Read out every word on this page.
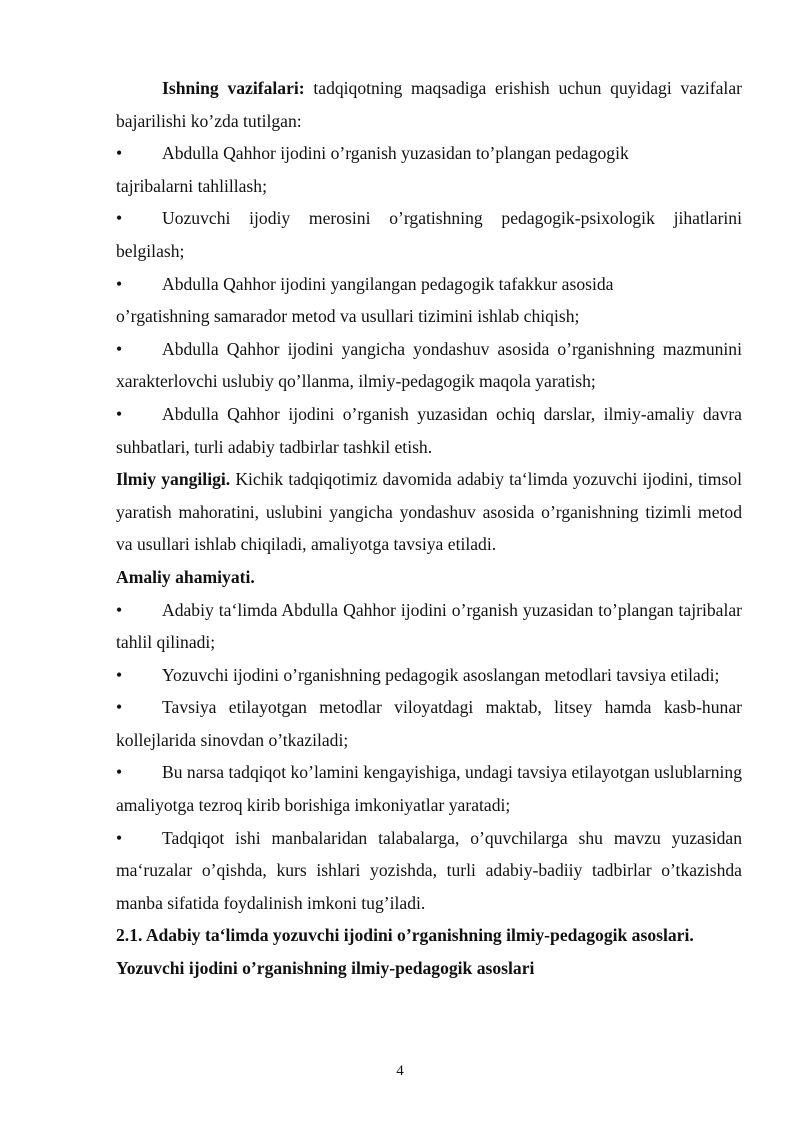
Ishning vazifalari: tadqiqotning maqsadiga erishish uchun quyidagi vazifalar bajarilishi ko’zda tutilgan:

• Abdulla Qahhor ijodini o’rganish yuzasidan to’plangan pedagogik

tajribalarni tahlillash;

• Uozuvchi ijodiy merosini o’rgatishning pedagogik-psixologik jihatlarini belgilash;

• Abdulla Qahhor ijodini yangilangan pedagogik tafakkur asosida

o’rgatishning samarador metod va usullari tizimini ishlab chiqish;

• Abdulla Qahhor ijodini yangicha yondashuv asosida o’rganishning mazmunini xarakterlovchi uslubiy qo’llanma, ilmiy-pedagogik maqola yaratish;

• Abdulla Qahhor ijodini o’rganish yuzasidan ochiq darslar, ilmiy-amaliy davra suhbatlari, turli adabiy tadbirlar tashkil etish.

Ilmiy yangiligi. Kichik tadqiqotimiz davomida adabiy ta‘limda yozuvchi ijodini, timsol yaratish mahoratini, uslubini yangicha yondashuv asosida o’rganishning tizimli metod va usullari ishlab chiqiladi, amaliyotga tavsiya etiladi.

Amaliy ahamiyati.

• Adabiy ta‘limda Abdulla Qahhor ijodini o’rganish yuzasidan to’plangan tajribalar tahlil qilinadi;

• Yozuvchi ijodini o’rganishning pedagogik asoslangan metodlari tavsiya etiladi;

• Tavsiya etilayotgan metodlar viloyatdagi maktab, litsey hamda kasb-hunar kollejlarida sinovdan o’tkaziladi;

• Bu narsa tadqiqot ko’lamini kengayishiga, undagi tavsiya etilayotgan uslublarning amaliyotga tezroq kirib borishiga imkoniyatlar yaratadi;

• Tadqiqot ishi manbalaridan talabalarga, o’quvchilarga shu mavzu yuzasidan ma‘ruzalar o’qishda, kurs ishlari yozishda, turli adabiy-badiiy tadbirlar o’tkazishda manba sifatida foydalinish imkoni tug’iladi.

2.1. Adabiy ta‘limda yozuvchi ijodini o’rganishning ilmiy-pedagogik asoslari.

Yozuvchi ijodini o’rganishning ilmiy-pedagogik asoslari

4
